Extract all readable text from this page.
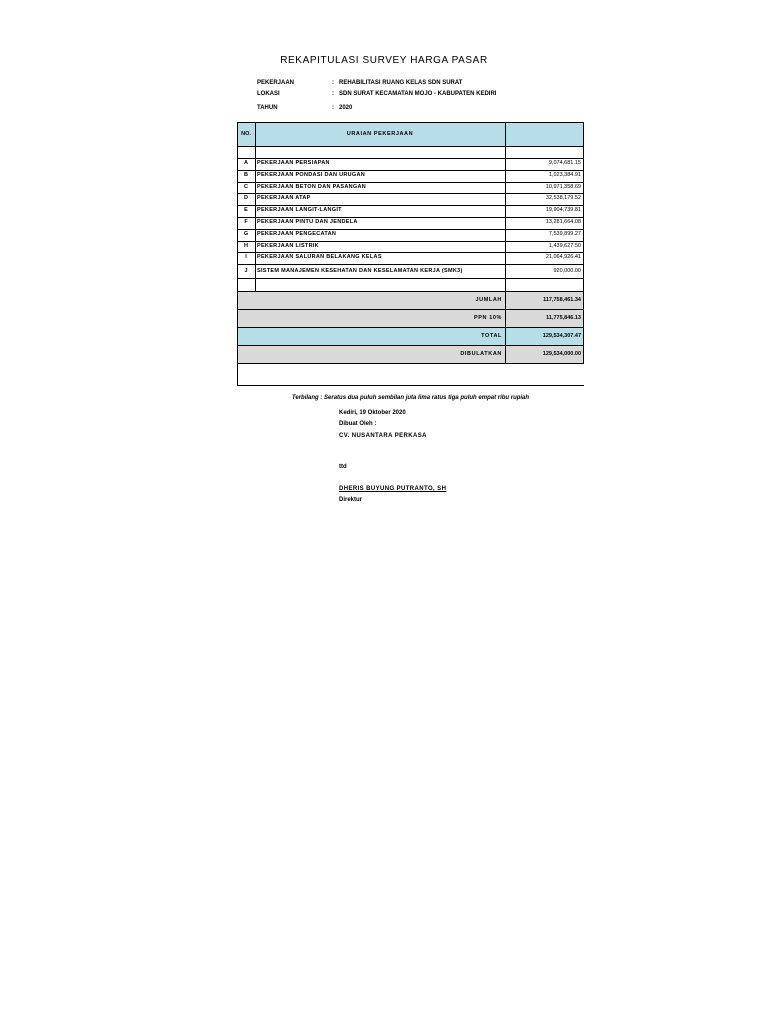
REKAPITULASI SURVEY HARGA PASAR
PEKERJAAN	: REHABILITASI RUANG KELAS SDN SURAT
LOKASI	: SDN SURAT KECAMATAN MOJO - KABUPATEN KEDIRI
TAHUN	: 2020
NO.	URAIAN PEKERJAAN
A	PEKERJAAN PERSIAPAN	9,074,681.15
B	PEKERJAAN PONDASI DAN URUGAN	1,023,384.91
C	PEKERJAAN BETON DAN PASANGAN	10,971,358.69
D	PEKERJAAN ATAP	32,538,179.52
E	PEKERJAAN LANGIT-LANGIT	19,904,739.81
F	PEKERJAAN PINTU DAN JENDELA	13,281,664.08
G	PEKERJAAN PENGECATAN	7,539,899.27
H	PEKERJAAN LISTRIK	1,439,627.50
I	PEKERJAAN SALURAN BELAKANG KELAS	21,064,926.41
J	SISTEM MANAJEMEN KESEHATAN DAN KESELAMATAN KERJA (SMK3)	920,000.00
JUMLAH	117,758,461.34
PPN 10%	11,775,846.13
TOTAL	129,534,307.47
DIBULATKAN	129,534,000.00
Terbilang : Seratus dua puluh sembilan juta lima ratus tiga puluh empat ribu rupiah
Kediri, 19 Oktober 2020
Dibuat Oleh :
CV. NUSANTARA PERKASA
ttd
DHERIS BUYUNG PUTRANTO, SH
Direktur
